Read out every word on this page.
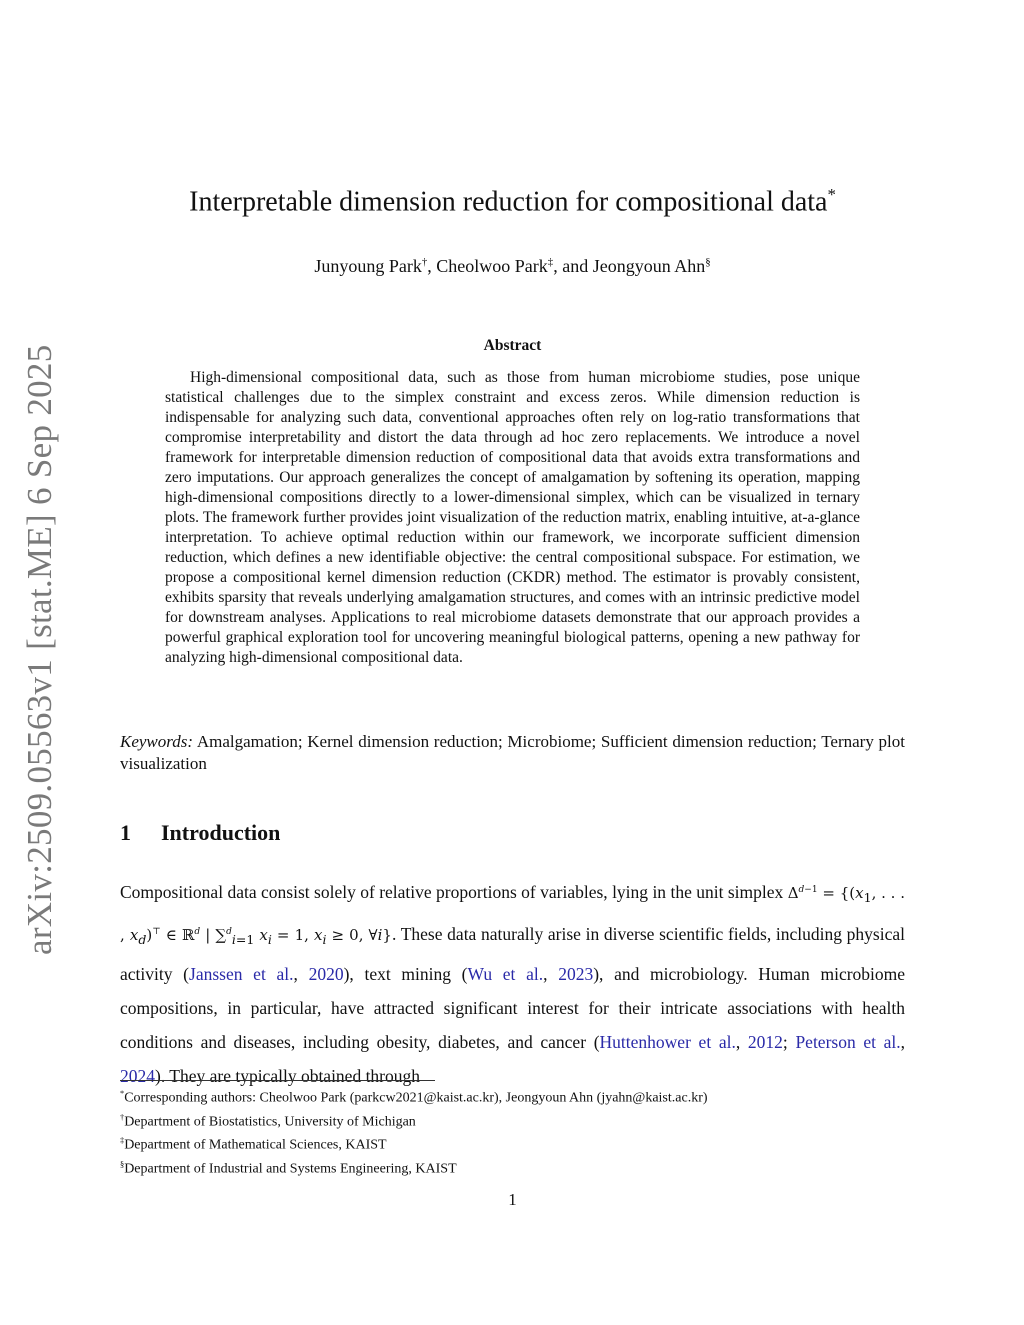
arXiv:2509.05563v1 [stat.ME] 6 Sep 2025
Interpretable dimension reduction for compositional data*
Junyoung Park†, Cheolwoo Park‡, and Jeongyoun Ahn§
Abstract

High-dimensional compositional data, such as those from human microbiome studies, pose unique statistical challenges due to the simplex constraint and excess zeros. While dimension reduction is indispensable for analyzing such data, conventional approaches often rely on log-ratio transformations that compromise interpretability and distort the data through ad hoc zero replacements. We introduce a novel framework for interpretable dimension reduction of compositional data that avoids extra transformations and zero imputations. Our approach generalizes the concept of amalgamation by softening its operation, mapping high-dimensional compositions directly to a lower-dimensional simplex, which can be visualized in ternary plots. The framework further provides joint visualization of the reduction matrix, enabling intuitive, at-a-glance interpretation. To achieve optimal reduction within our framework, we incorporate sufficient dimension reduction, which defines a new identifiable objective: the central compositional subspace. For estimation, we propose a compositional kernel dimension reduction (CKDR) method. The estimator is provably consistent, exhibits sparsity that reveals underlying amalgamation structures, and comes with an intrinsic predictive model for downstream analyses. Applications to real microbiome datasets demonstrate that our approach provides a powerful graphical exploration tool for uncovering meaningful biological patterns, opening a new pathway for analyzing high-dimensional compositional data.

Keywords: Amalgamation; Kernel dimension reduction; Microbiome; Sufficient dimension reduction; Ternary plot visualization

1 Introduction

Compositional data consist solely of relative proportions of variables, lying in the unit simplex $\Delta^{d-1} = \{(x_1$, . . . , $x_d)^⊤$ ∈ ℝ$^d$ | ∑$^d_{i=1}$ $x_i = 1$, $x_i \ge 0$, ∀i}. These data naturally arise in diverse scientific fields, including physical activity (Janssen et al., 2020), text mining (Wu et al., 2023), and microbiology. Human microbiome compositions, in particular, have attracted significant interest for their intricate associations with health conditions and diseases, including obesity, diabetes, and cancer (Huttenhower et al., 2012; Peterson et al., 2024). They are typically obtained through

*Corresponding authors: Cheolwoo Park (parkcw2021@kaist.ac.kr), Jeongyoun Ahn (jyahn@kaist.ac.kr)
†Department of Biostatistics, University of Michigan
‡Department of Mathematical Sciences, KAIST
§Department of Industrial and Systems Engineering, KAIST
1
